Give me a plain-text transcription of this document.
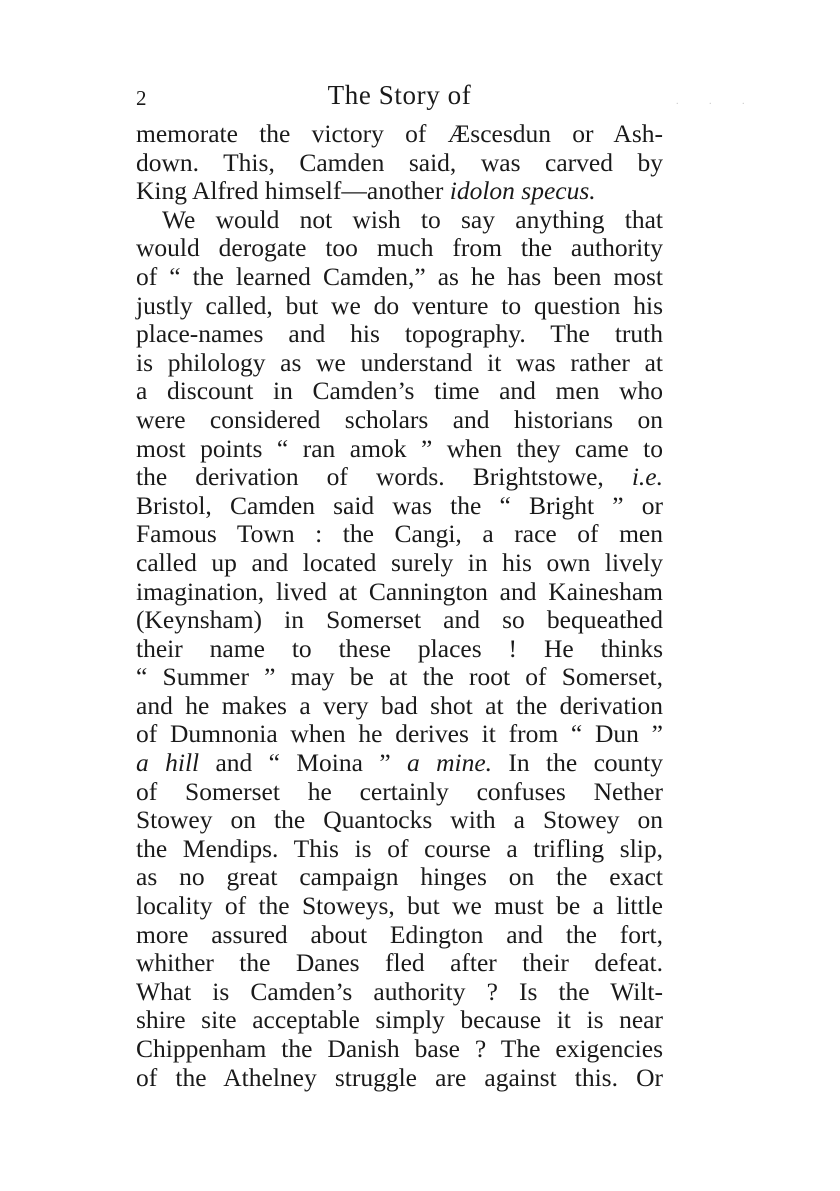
2	The Story of	. . .
memorate the victory of Æscesdun or Ash-
down. This, Camden said, was carved by
King Alfred himself—another idolon specus.
We would not wish to say anything that
would derogate too much from the authority
of “ the learned Camden,” as he has been most
justly called, but we do venture to question his
place-names and his topography. The truth
is philology as we understand it was rather at
a discount in Camden’s time and men who
were considered scholars and historians on
most points “ ran amok ” when they came to
the derivation of words. Brightstowe, i.e.
Bristol, Camden said was the “ Bright ” or
Famous Town : the Cangi, a race of men
called up and located surely in his own lively
imagination, lived at Cannington and Kainesham
(Keynsham) in Somerset and so bequeathed
their name to these places ! He thinks
“ Summer ” may be at the root of Somerset,
and he makes a very bad shot at the derivation
of Dumnonia when he derives it from “ Dun ”
a hill and “ Moina ” a mine. In the county
of Somerset he certainly confuses Nether
Stowey on the Quantocks with a Stowey on
the Mendips. This is of course a trifling slip,
as no great campaign hinges on the exact
locality of the Stoweys, but we must be a little
more assured about Edington and the fort,
whither the Danes fled after their defeat.
What is Camden’s authority ? Is the Wilt-
shire site acceptable simply because it is near
Chippenham the Danish base ? The exigencies
of the Athelney struggle are against this. Or
